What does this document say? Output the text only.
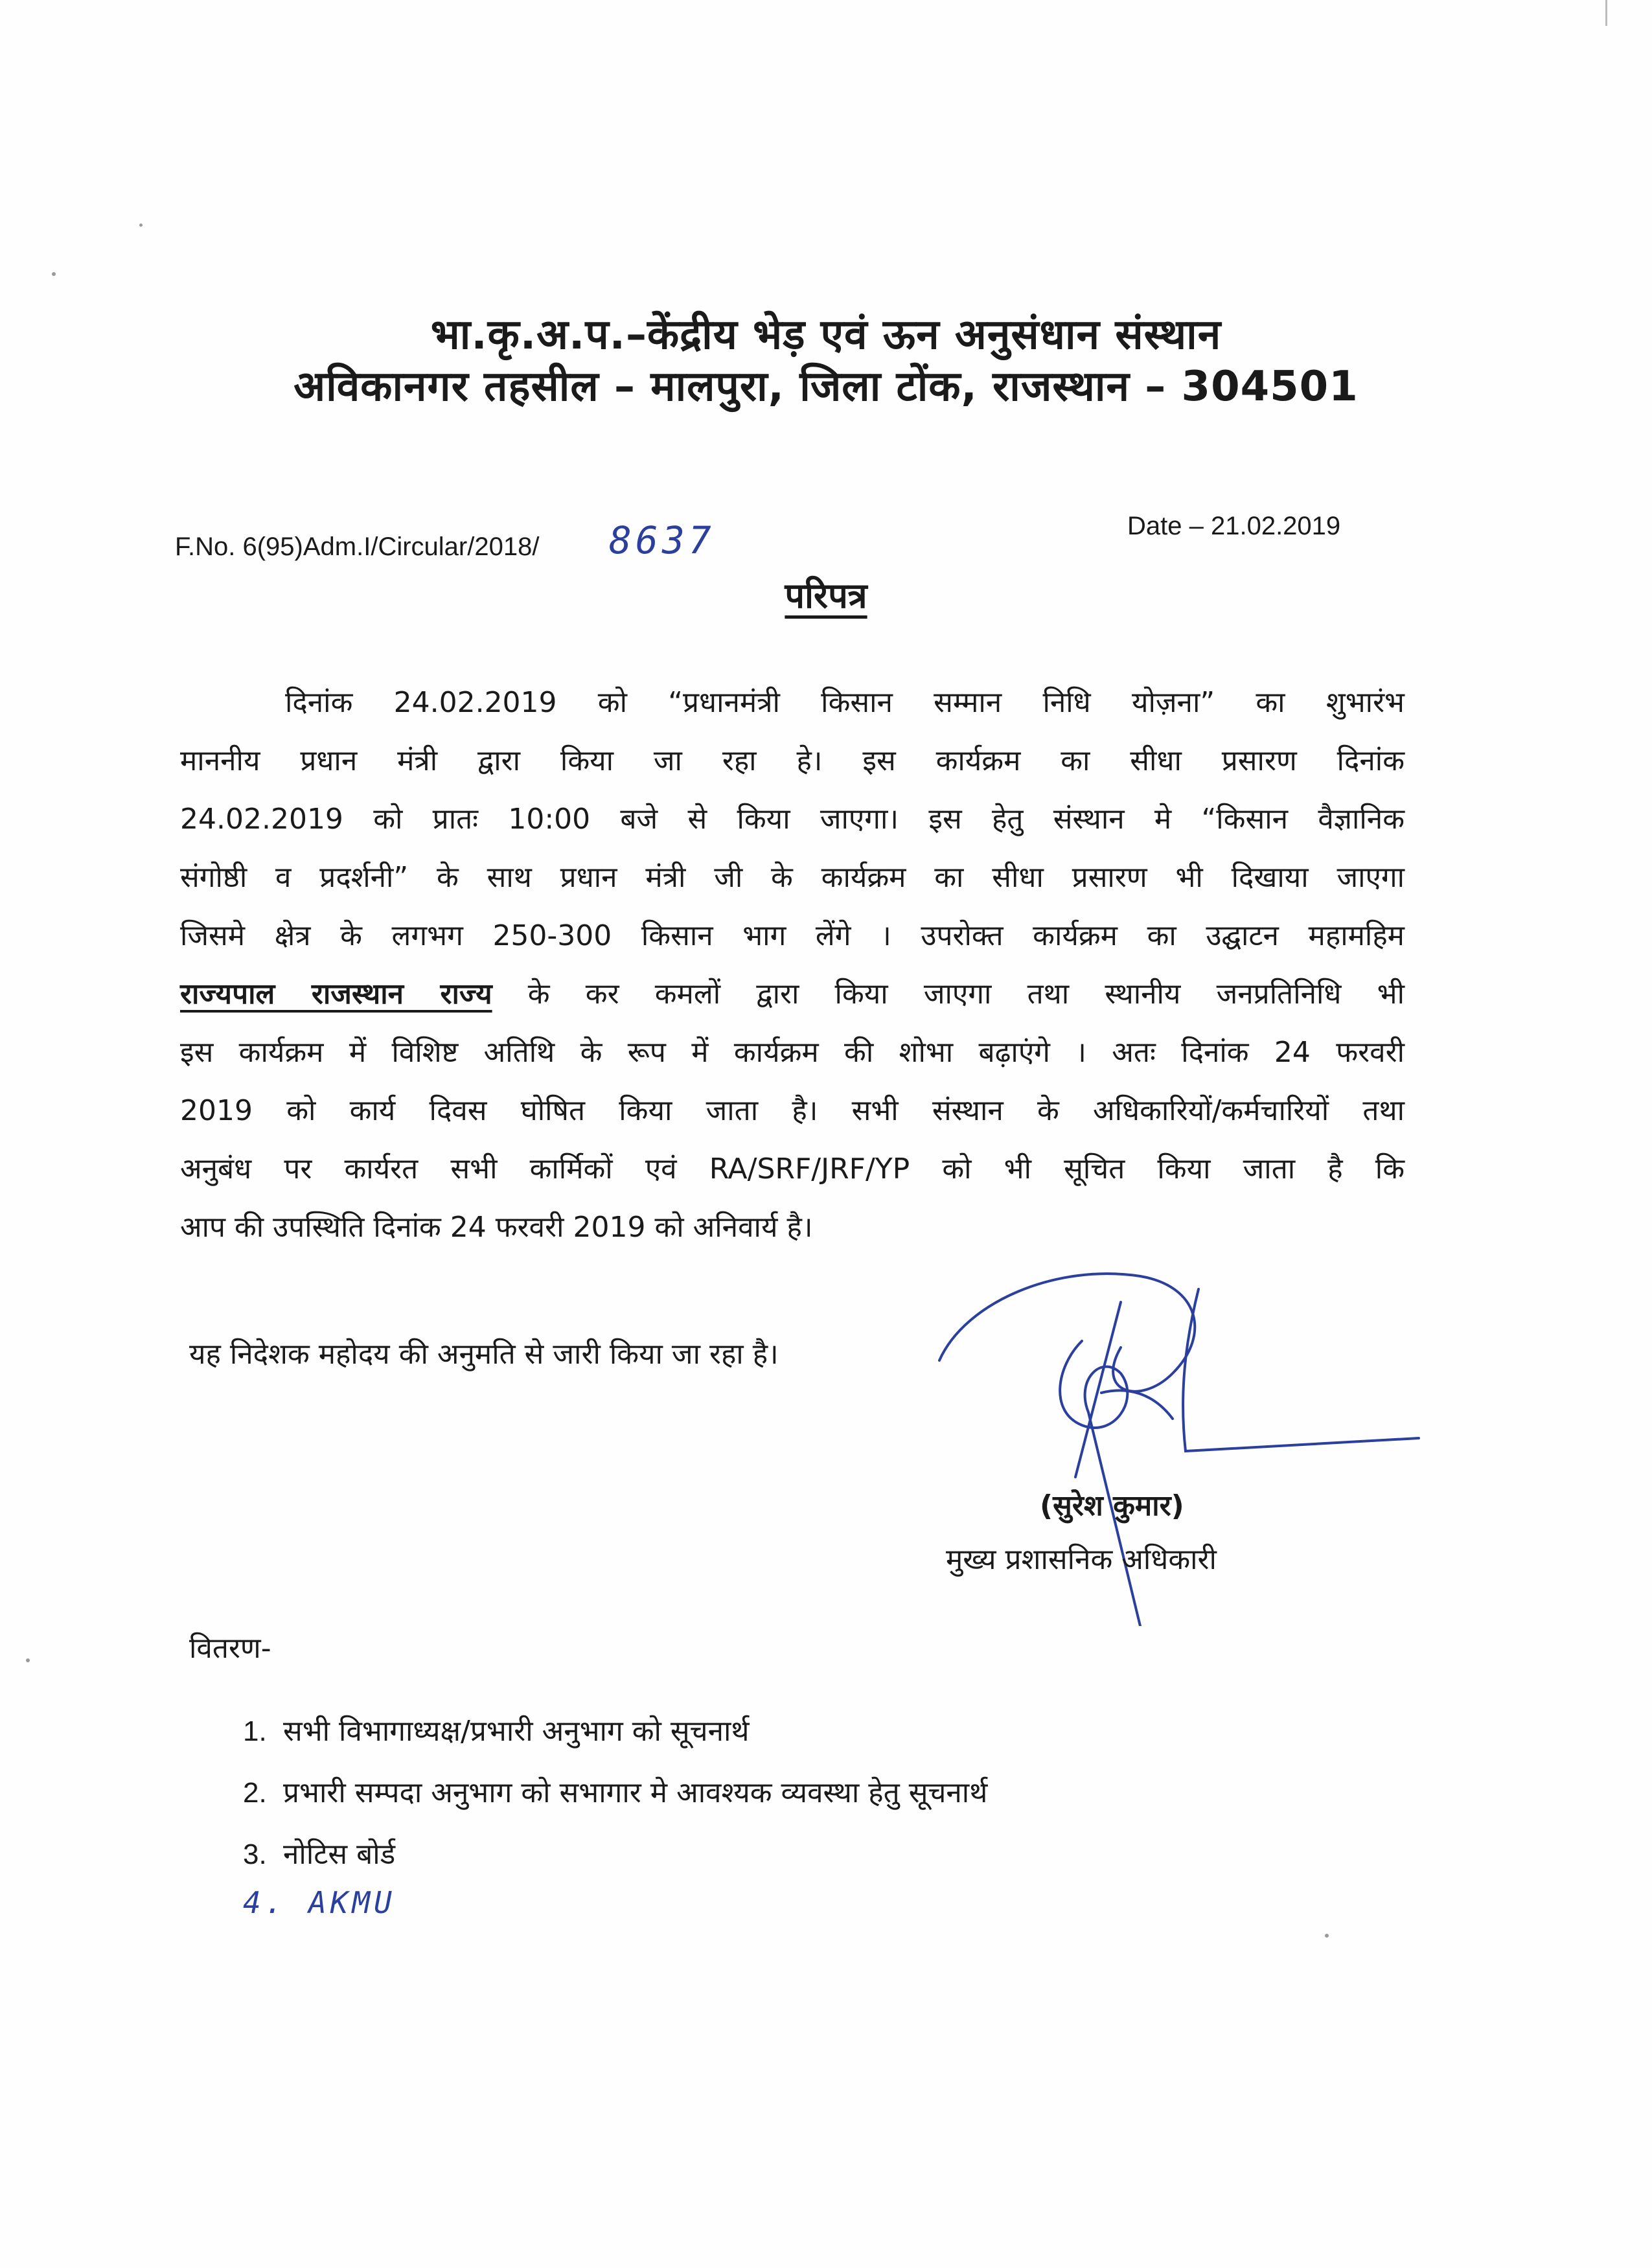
भा.कृ.अ.प.–केंद्रीय भेड़ एवं ऊन अनुसंधान संस्थान
अविकानगर तहसील – मालपुरा, जिला टोंक, राजस्थान – 304501
F.No. 6(95)Adm.I/Circular/2018/ 8637	Date – 21.02.2019
परिपत्र
दिनांक 24.02.2019 को “प्रधानमंत्री किसान सम्मान निधि योज़ना” का शुभारंभ
माननीय प्रधान मंत्री द्वारा किया जा रहा हे। इस कार्यक्रम का सीधा प्रसारण दिनांक
24.02.2019 को प्रातः 10:00 बजे से किया जाएगा। इस हेतु संस्थान मे “किसान वैज्ञानिक
संगोष्ठी व प्रदर्शनी” के साथ प्रधान मंत्री जी के कार्यक्रम का सीधा प्रसारण भी दिखाया जाएगा
जिसमे क्षेत्र के लगभग 250-300 किसान भाग लेंगे । उपरोक्त कार्यक्रम का उद्घाटन महामहिम
राज्यपाल राजस्थान राज्य के कर कमलों द्वारा किया जाएगा तथा स्थानीय जनप्रतिनिधि भी
इस कार्यक्रम में विशिष्ट अतिथि के रूप में कार्यक्रम की शोभा बढ़ाएंगे । अतः दिनांक 24 फरवरी
2019 को कार्य दिवस घोषित किया जाता है। सभी संस्थान के अधिकारियों/कर्मचारियों तथा
अनुबंध पर कार्यरत सभी कार्मिकों एवं RA/SRF/JRF/YP को भी सूचित किया जाता है कि
आप की उपस्थिति दिनांक 24 फरवरी 2019 को अनिवार्य है।
यह निदेशक महोदय की अनुमति से जारी किया जा रहा है।
(सुरेश कुमार)
मुख्य प्रशासनिक अधिकारी
वितरण-
1. सभी विभागाध्यक्ष/प्रभारी अनुभाग को सूचनार्थ
2. प्रभारी सम्पदा अनुभाग को सभागार मे आवश्यक व्यवस्था हेतु सूचनार्थ
3. नोटिस बोर्ड
4. AKMU
